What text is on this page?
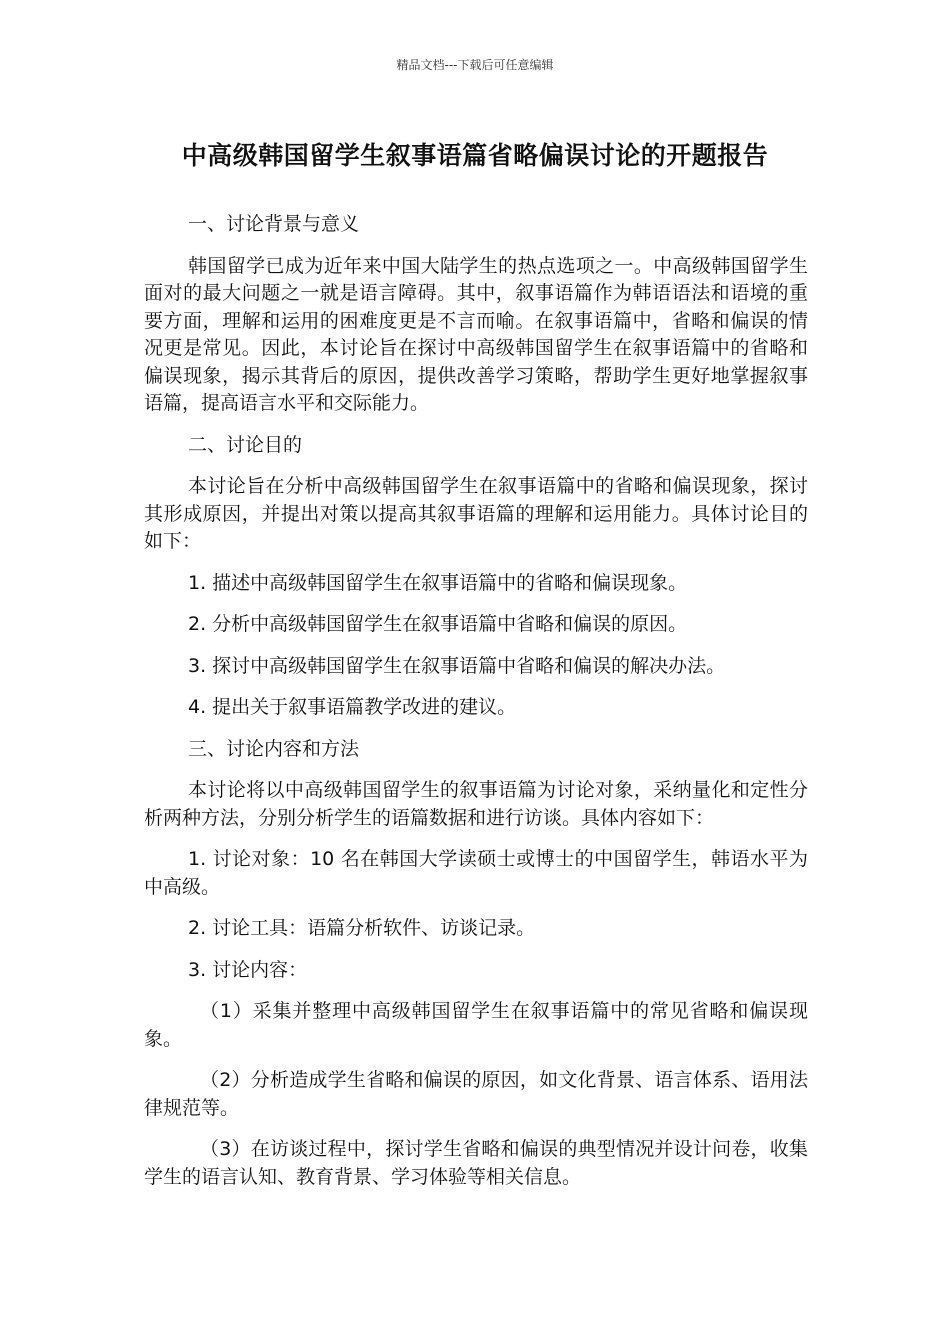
精品文档---下载后可任意编辑
中高级韩国留学生叙事语篇省略偏误讨论的开题报告

一、讨论背景与意义

韩国留学已成为近年来中国大陆学生的热点选项之一。中高级韩国留学生面对的最大问题之一就是语言障碍。其中，叙事语篇作为韩语语法和语境的重要方面，理解和运用的困难度更是不言而喻。在叙事语篇中，省略和偏误的情况更是常见。因此，本讨论旨在探讨中高级韩国留学生在叙事语篇中的省略和偏误现象，揭示其背后的原因，提供改善学习策略，帮助学生更好地掌握叙事语篇，提高语言水平和交际能力。

二、讨论目的

本讨论旨在分析中高级韩国留学生在叙事语篇中的省略和偏误现象，探讨其形成原因，并提出对策以提高其叙事语篇的理解和运用能力。具体讨论目的如下：

1. 描述中高级韩国留学生在叙事语篇中的省略和偏误现象。

2. 分析中高级韩国留学生在叙事语篇中省略和偏误的原因。

3. 探讨中高级韩国留学生在叙事语篇中省略和偏误的解决办法。

4. 提出关于叙事语篇教学改进的建议。

三、讨论内容和方法

本讨论将以中高级韩国留学生的叙事语篇为讨论对象，采纳量化和定性分析两种方法，分别分析学生的语篇数据和进行访谈。具体内容如下：

1. 讨论对象：10 名在韩国大学读硕士或博士的中国留学生，韩语水平为中高级。

2. 讨论工具：语篇分析软件、访谈记录。

3. 讨论内容：

（1）采集并整理中高级韩国留学生在叙事语篇中的常见省略和偏误现象。

（2）分析造成学生省略和偏误的原因，如文化背景、语言体系、语用法律规范等。

（3）在访谈过程中，探讨学生省略和偏误的典型情况并设计问卷，收集学生的语言认知、教育背景、学习体验等相关信息。
